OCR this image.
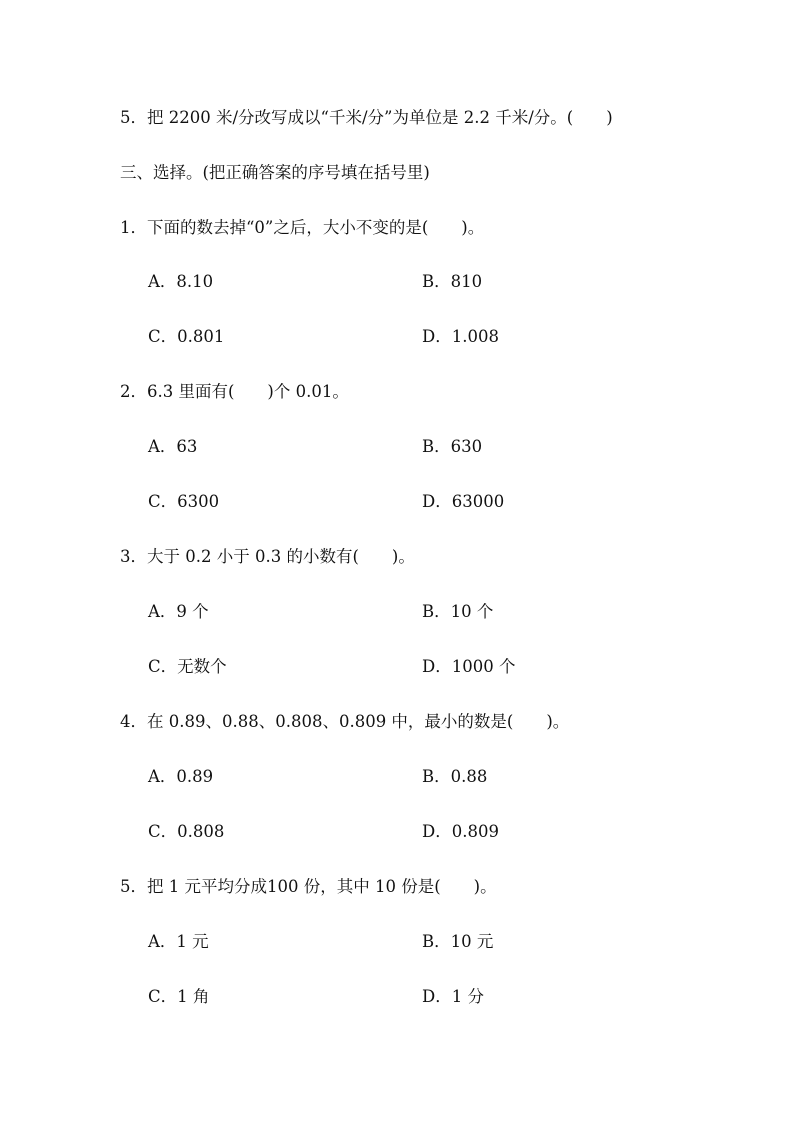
5．把 2200 米/分改写成以“千米/分”为单位是 2.2 千米/分。(　　)
三、选择。(把正确答案的序号填在括号里)
1．下面的数去掉“0”之后，大小不变的是(　　)。
A．8.10	B．810
C．0.801	D．1.008
2．6.3 里面有(　　)个 0.01。
A．63	B．630
C．6300	D．63000
3．大于 0.2 小于 0.3 的小数有(　　)。
A．9 个	B．10 个
C．无数个	D．1000 个
4．在 0.89、0.88、0.808、0.809 中，最小的数是(　　)。
A．0.89	B．0.88
C．0.808	D．0.809
5．把 1 元平均分成100 份，其中 10 份是(　　)。
A．1 元	B．10 元
C．1 角	D．1 分
